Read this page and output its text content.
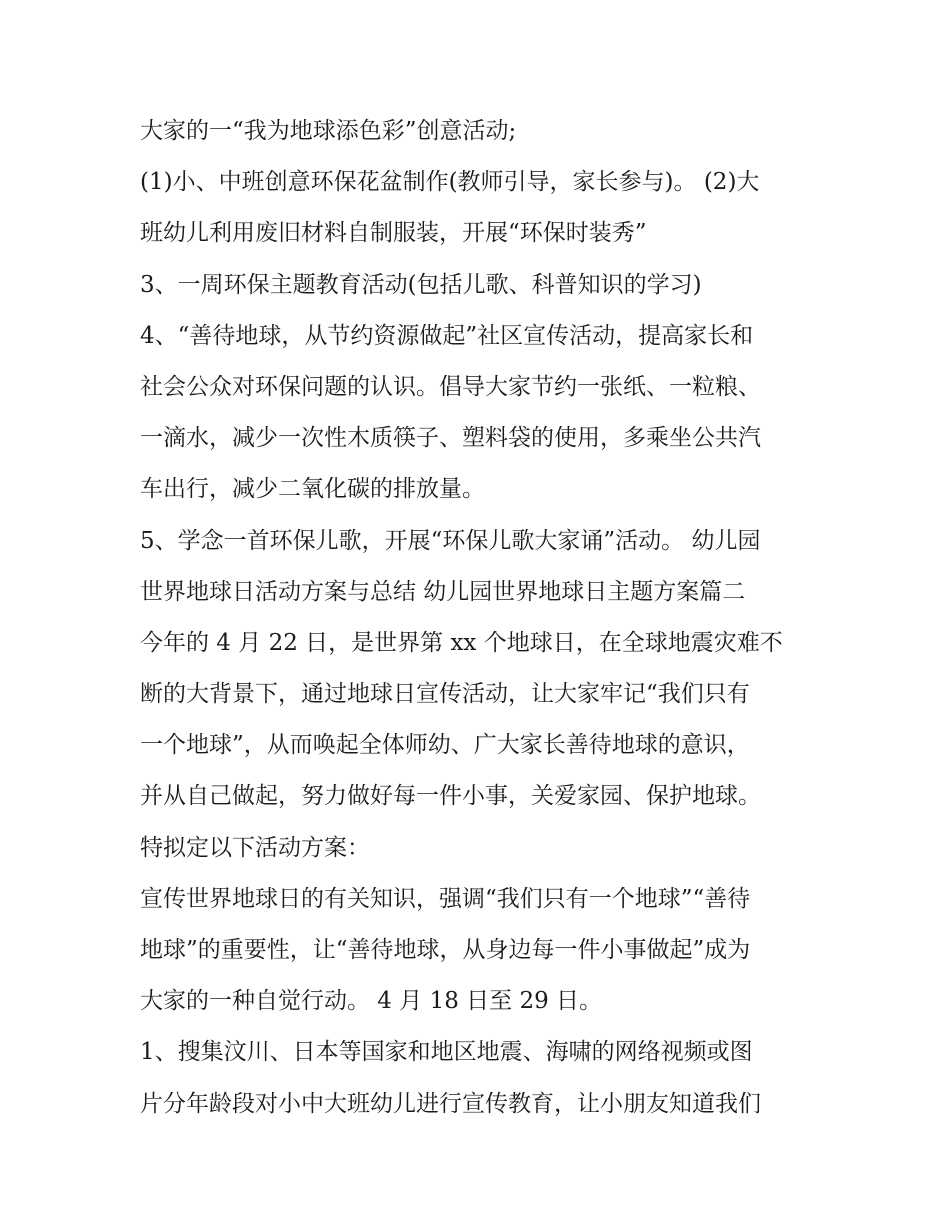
大家的一“我为地球添色彩”创意活动;
(1)小、中班创意环保花盆制作(教师引导，家长参与)。 (2)大
班幼儿利用废旧材料自制服装，开展“环保时装秀”
3、一周环保主题教育活动(包括儿歌、科普知识的学习)
4、“善待地球，从节约资源做起”社区宣传活动，提高家长和
社会公众对环保问题的认识。倡导大家节约一张纸、一粒粮、
一滴水，减少一次性木质筷子、塑料袋的使用，多乘坐公共汽
车出行，减少二氧化碳的排放量。
5、学念一首环保儿歌，开展“环保儿歌大家诵”活动。 幼儿园
世界地球日活动方案与总结 幼儿园世界地球日主题方案篇二
今年的 4 月 22 日，是世界第 xx 个地球日，在全球地震灾难不
断的大背景下，通过地球日宣传活动，让大家牢记“我们只有
一个地球”，从而唤起全体师幼、广大家长善待地球的意识，
并从自己做起，努力做好每一件小事，关爱家园、保护地球。
特拟定以下活动方案：
宣传世界地球日的有关知识，强调“我们只有一个地球”“善待
地球”的重要性，让“善待地球，从身边每一件小事做起”成为
大家的一种自觉行动。 4 月 18 日至 29 日。
1、搜集汶川、日本等国家和地区地震、海啸的网络视频或图
片分年龄段对小中大班幼儿进行宣传教育，让小朋友知道我们
